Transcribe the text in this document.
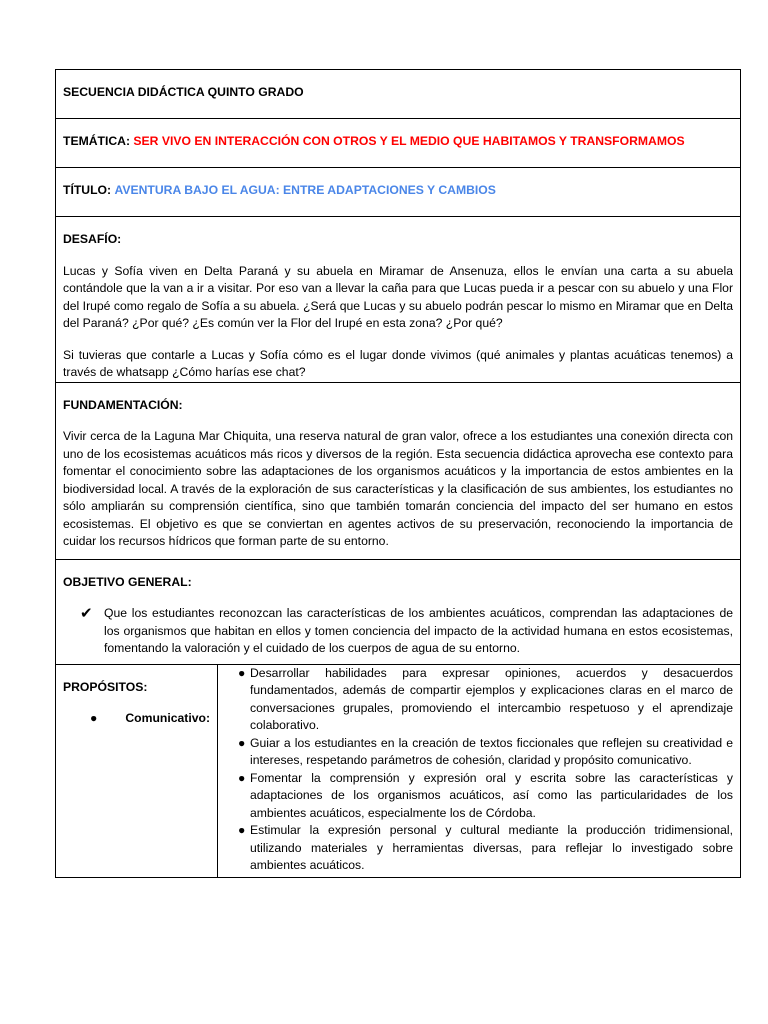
SECUENCIA DIDÁCTICA QUINTO GRADO
TEMÁTICA: SER VIVO EN INTERACCIÓN CON OTROS Y EL MEDIO QUE HABITAMOS Y TRANSFORMAMOS
TÍTULO: AVENTURA BAJO EL AGUA: ENTRE ADAPTACIONES Y CAMBIOS

DESAFÍO:

Lucas y Sofía viven en Delta Paraná y su abuela en Miramar de Ansenuza, ellos le envían una carta a su abuela contándole que la van a ir a visitar. Por eso van a llevar la caña para que Lucas pueda ir a pescar con su abuelo y una Flor del Irupé como regalo de Sofía a su abuela. ¿Será que Lucas y su abuelo podrán pescar lo mismo en Miramar que en Delta del Paraná? ¿Por qué? ¿Es común ver la Flor del Irupé en esta zona? ¿Por qué?

Si tuvieras que contarle a Lucas y Sofía cómo es el lugar donde vivimos (qué animales y plantas acuáticas tenemos) a través de whatsapp ¿Cómo harías ese chat?

FUNDAMENTACIÓN:

Vivir cerca de la Laguna Mar Chiquita, una reserva natural de gran valor, ofrece a los estudiantes una conexión directa con uno de los ecosistemas acuáticos más ricos y diversos de la región. Esta secuencia didáctica aprovecha ese contexto para fomentar el conocimiento sobre las adaptaciones de los organismos acuáticos y la importancia de estos ambientes en la biodiversidad local. A través de la exploración de sus características y la clasificación de sus ambientes, los estudiantes no sólo ampliarán su comprensión científica, sino que también tomarán conciencia del impacto del ser humano en estos ecosistemas. El objetivo es que se conviertan en agentes activos de su preservación, reconociendo la importancia de cuidar los recursos hídricos que forman parte de su entorno.

OBJETIVO GENERAL:

✔ Que los estudiantes reconozcan las características de los ambientes acuáticos, comprendan las adaptaciones de los organismos que habitan en ellos y tomen conciencia del impacto de la actividad humana en estos ecosistemas, fomentando la valoración y el cuidado de los cuerpos de agua de su entorno.

PROPÓSITOS:
●	Comunicativo:

● Desarrollar habilidades para expresar opiniones, acuerdos y desacuerdos fundamentados, además de compartir ejemplos y explicaciones claras en el marco de conversaciones grupales, promoviendo el intercambio respetuoso y el aprendizaje colaborativo.
● Guiar a los estudiantes en la creación de textos ficcionales que reflejen su creatividad e intereses, respetando parámetros de cohesión, claridad y propósito comunicativo.
● Fomentar la comprensión y expresión oral y escrita sobre las características y adaptaciones de los organismos acuáticos, así como las particularidades de los ambientes acuáticos, especialmente los de Córdoba.
● Estimular la expresión personal y cultural mediante la producción tridimensional, utilizando materiales y herramientas diversas, para reflejar lo investigado sobre ambientes acuáticos.
